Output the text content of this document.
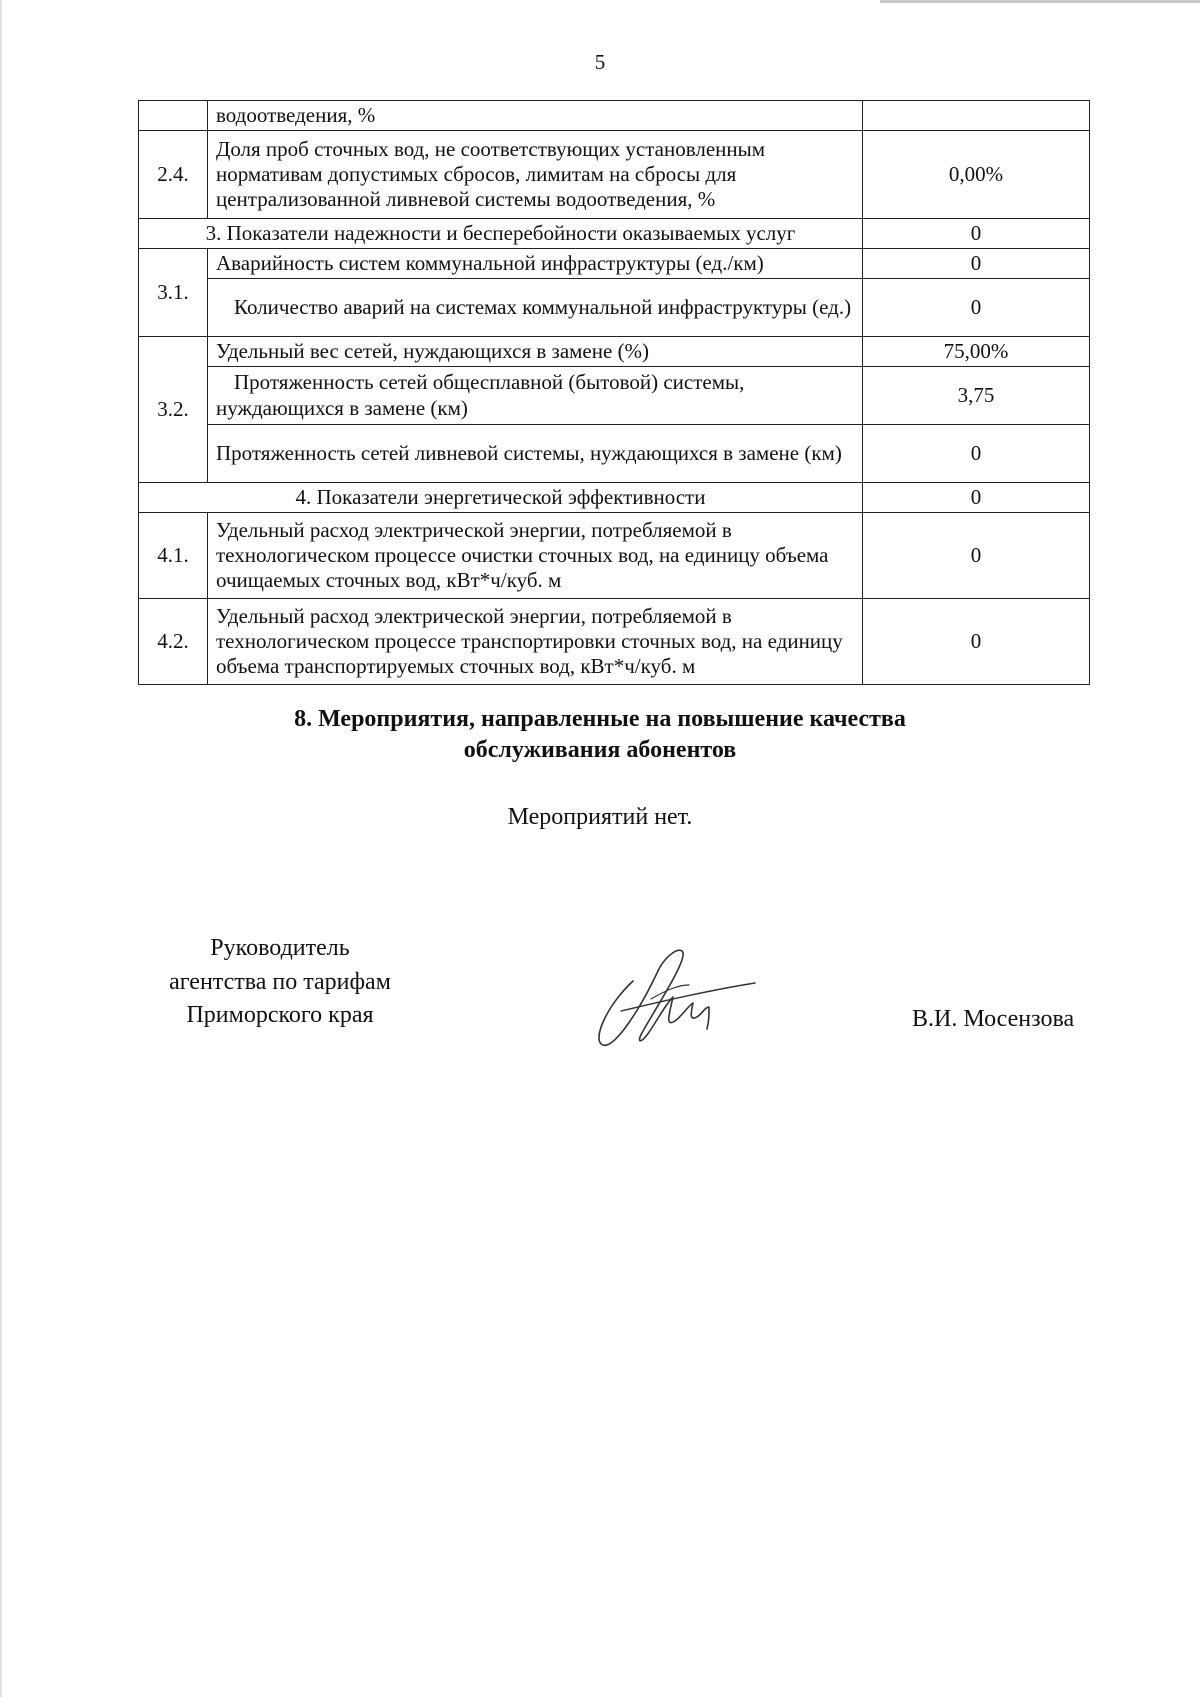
5
	водоотведения, %	
2.4.	Доля проб сточных вод, не соответствующих установленным нормативам допустимых сбросов, лимитам на сбросы для централизованной ливневой системы водоотведения, %	0,00%
3. Показатели надежности и бесперебойности оказываемых услуг		0
3.1.	Аварийность систем коммунальной инфраструктуры (ед./км)	0
	Количество аварий на системах коммунальной инфраструктуры (ед.)	0
3.2.	Удельный вес сетей, нуждающихся в замене (%)	75,00%
	Протяженность сетей общесплавной (бытовой) системы, нуждающихся в замене (км)	3,75
	Протяженность сетей ливневой системы, нуждающихся в замене (км)	0
4. Показатели энергетической эффективности		0
4.1.	Удельный расход электрической энергии, потребляемой в технологическом процессе очистки сточных вод, на единицу объема очищаемых сточных вод, кВт*ч/куб. м	0
4.2.	Удельный расход электрической энергии, потребляемой в технологическом процессе транспортировки сточных вод, на единицу объема транспортируемых сточных вод, кВт*ч/куб. м	0
8. Мероприятия, направленные на повышение качества
обслуживания абонентов
Мероприятий нет.
Руководитель
агентства по тарифам
Приморского края	В.И. Мосензова
